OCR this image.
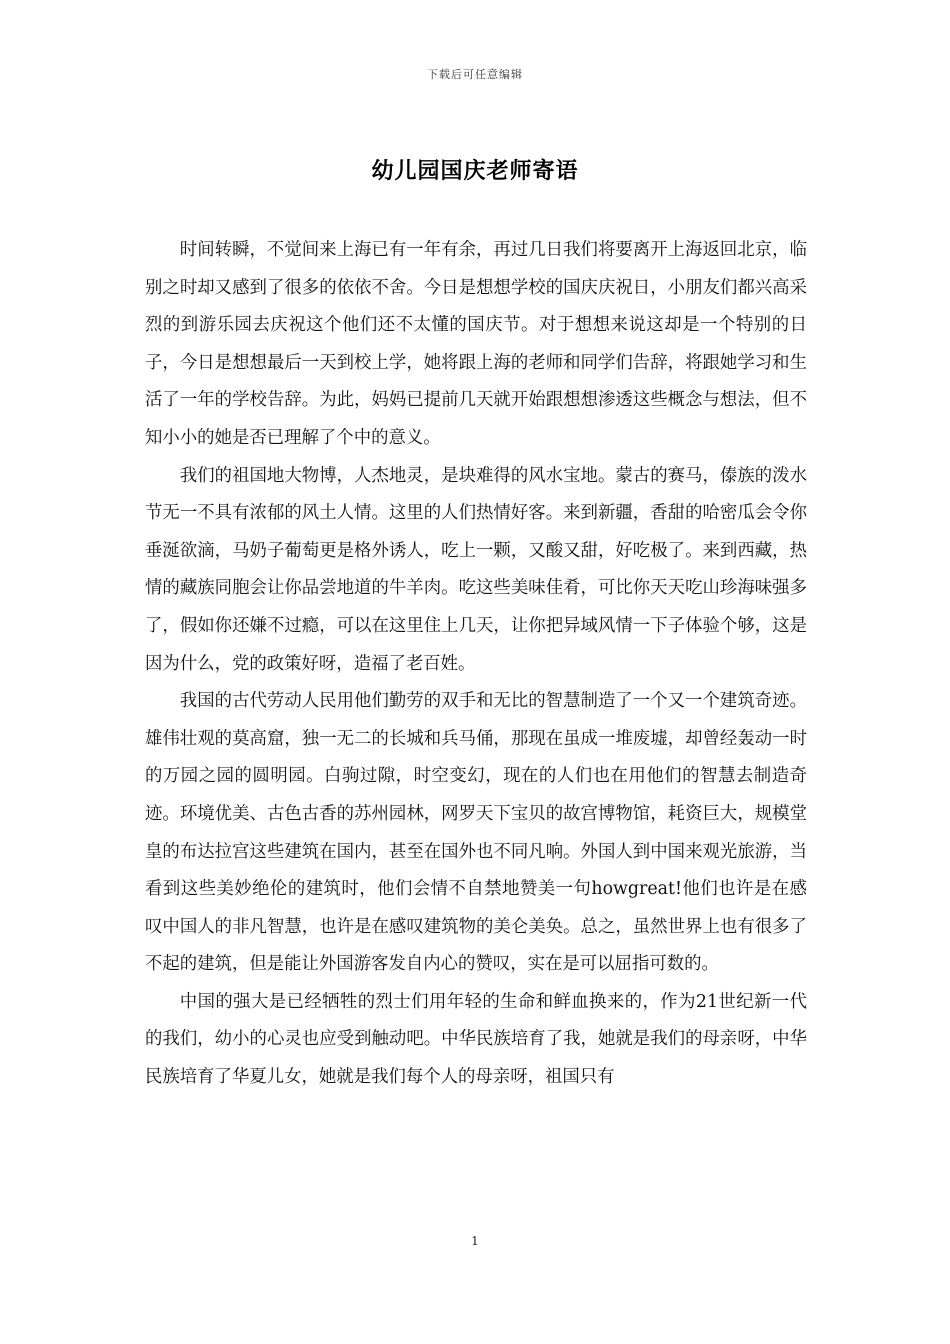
下载后可任意编辑
幼儿园国庆老师寄语

时间转瞬，不觉间来上海已有一年有余，再过几日我们将要离开上海返回北京，临别之时却又感到了很多的依依不舍。今日是想想学校的国庆庆祝日，小朋友们都兴高采烈的到游乐园去庆祝这个他们还不太懂的国庆节。对于想想来说这却是一个特别的日子，今日是想想最后一天到校上学，她将跟上海的老师和同学们告辞，将跟她学习和生活了一年的学校告辞。为此，妈妈已提前几天就开始跟想想渗透这些概念与想法，但不知小小的她是否已理解了个中的意义。

我们的祖国地大物博，人杰地灵，是块难得的风水宝地。蒙古的赛马，傣族的泼水节无一不具有浓郁的风土人情。这里的人们热情好客。来到新疆，香甜的哈密瓜会令你垂涎欲滴，马奶子葡萄更是格外诱人，吃上一颗，又酸又甜，好吃极了。来到西藏，热情的藏族同胞会让你品尝地道的牛羊肉。吃这些美味佳肴，可比你天天吃山珍海味强多了，假如你还嫌不过瘾，可以在这里住上几天，让你把异域风情一下子体验个够，这是因为什么，党的政策好呀，造福了老百姓。

我国的古代劳动人民用他们勤劳的双手和无比的智慧制造了一个又一个建筑奇迹。雄伟壮观的莫高窟，独一无二的长城和兵马俑，那现在虽成一堆废墟，却曾经轰动一时的万园之园的圆明园。白驹过隙，时空变幻，现在的人们也在用他们的智慧去制造奇迹。环境优美、古色古香的苏州园林，网罗天下宝贝的故宫博物馆，耗资巨大，规模堂皇的布达拉宫这些建筑在国内，甚至在国外也不同凡响。外国人到中国来观光旅游，当看到这些美妙绝伦的建筑时，他们会情不自禁地赞美一句howgreat!他们也许是在感叹中国人的非凡智慧，也许是在感叹建筑物的美仑美奂。总之，虽然世界上也有很多了不起的建筑，但是能让外国游客发自内心的赞叹，实在是可以屈指可数的。

中国的强大是已经牺牲的烈士们用年轻的生命和鲜血换来的，作为21世纪新一代的我们，幼小的心灵也应受到触动吧。中华民族培育了我，她就是我们的母亲呀，中华民族培育了华夏儿女，她就是我们每个人的母亲呀，祖国只有

1
